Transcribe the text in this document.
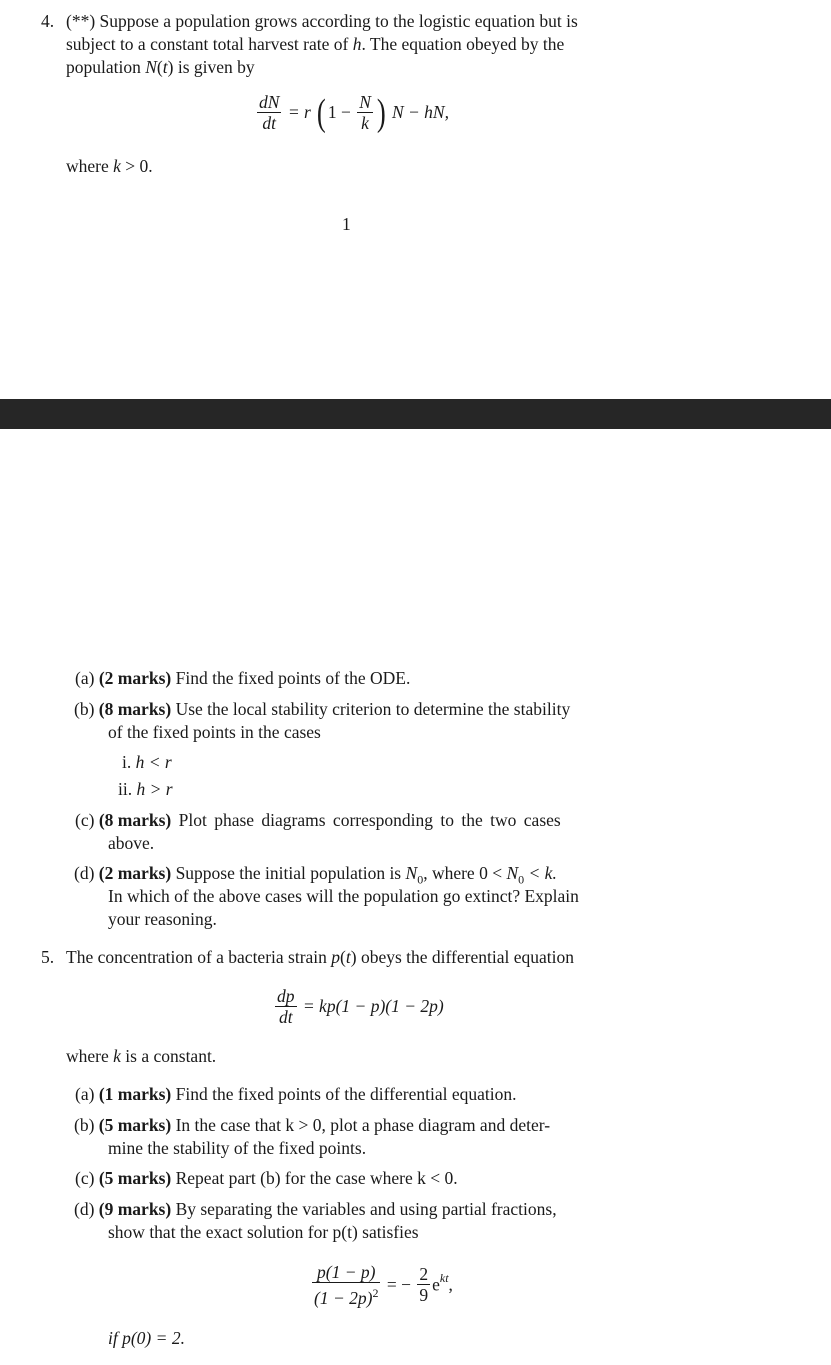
4. (**) Suppose a population grows according to the logistic equation but is
subject to a constant total harvest rate of h. The equation obeyed by the
population N(t) is given by
$\frac{dN}{dt} = r$ ( $1 - \frac{N}{k}$ ) N − hN,
where k > 0.
1
(a) (2 marks) Find the fixed points of the ODE.
(b) (8 marks) Use the local stability criterion to determine the stability
of the fixed points in the cases
i. h < r
ii. h > r
(c) (8 marks) Plot phase diagrams corresponding to the two cases
above.
(d) (2 marks) Suppose the initial population is $N_0$, where $0 < N_0 < k$.
In which of the above cases will the population go extinct? Explain
your reasoning.
5. The concentration of a bacteria strain p(t) obeys the differential equation
$\frac{dp}{dt} = kp(1 - p)(1 - 2p)$
where k is a constant.
(a) (1 marks) Find the fixed points of the differential equation.
(b) (5 marks) In the case that k > 0, plot a phase diagram and deter-
mine the stability of the fixed points.
(c) (5 marks) Repeat part (b) for the case where k < 0.
(d) (9 marks) By separating the variables and using partial fractions,
show that the exact solution for p(t) satisfies
$\frac{p(1 - p)}{(1 - 2p)^2}$ = − $\frac{2}{9} e^{kt}$,
if p(0) = 2.
